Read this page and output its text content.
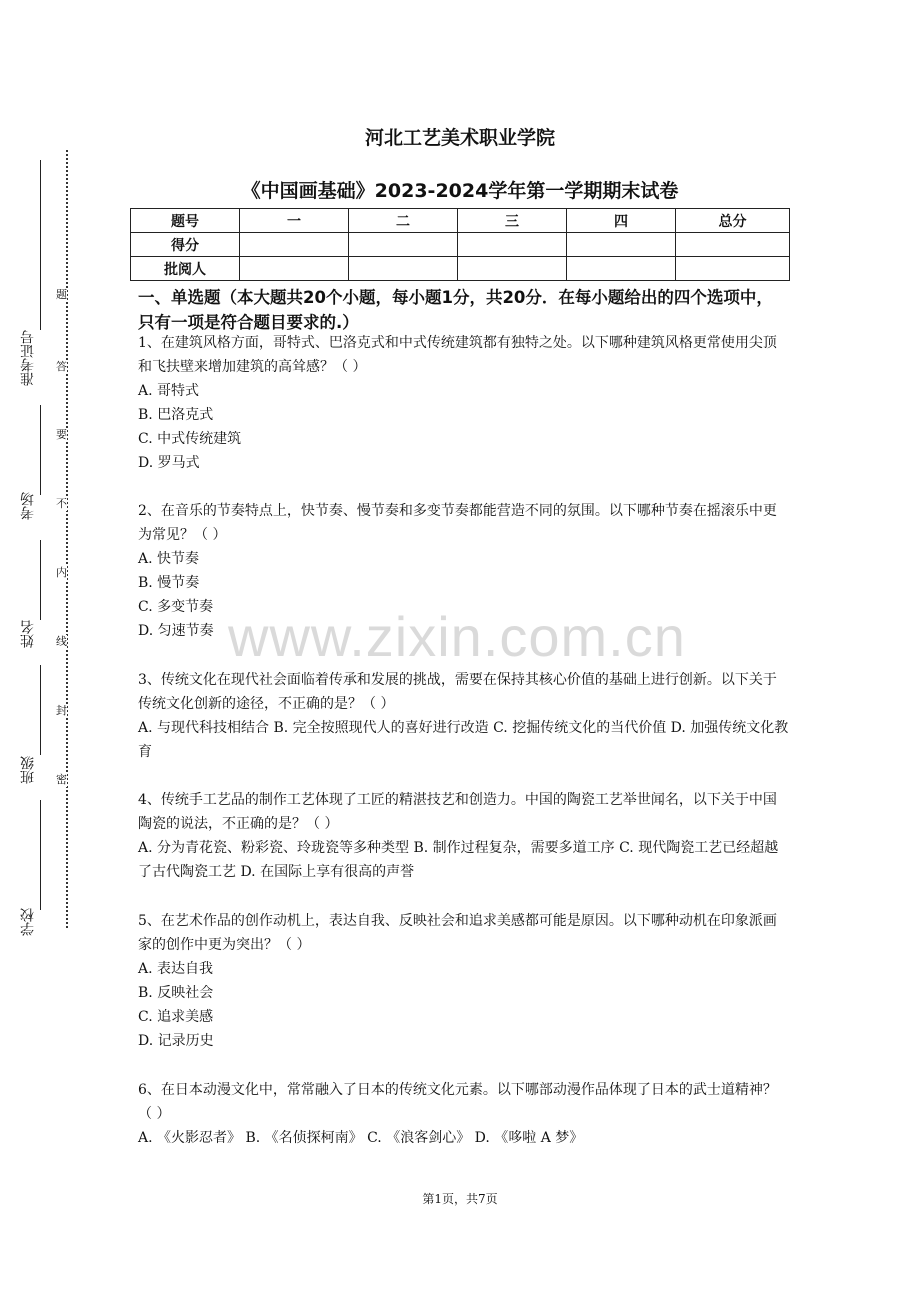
题
答
要
不
内
线
封
密
准考证号
考场
姓名
班级
学校
河北工艺美术职业学院
《中国画基础》2023-2024学年第一学期期末试卷
题号	一	二	三	四	总分
得分					
批阅人					
一、单选题（本大题共20个小题，每小题1分，共20分．在每小题给出的四个选项中，只有一项是符合题目要求的.）

1、在建筑风格方面，哥特式、巴洛克式和中式传统建筑都有独特之处。以下哪种建筑风格更常使用尖顶和飞扶壁来增加建筑的高耸感？（ ）

A. 哥特式

B. 巴洛克式

C. 中式传统建筑

D. 罗马式

2、在音乐的节奏特点上，快节奏、慢节奏和多变节奏都能营造不同的氛围。以下哪种节奏在摇滚乐中更为常见？（ ）

A. 快节奏

B. 慢节奏

C. 多变节奏

D. 匀速节奏

3、传统文化在现代社会面临着传承和发展的挑战，需要在保持其核心价值的基础上进行创新。以下关于传统文化创新的途径，不正确的是？（ ）

A. 与现代科技相结合 B. 完全按照现代人的喜好进行改造 C. 挖掘传统文化的当代价值 D. 加强传统文化教育

4、传统手工艺品的制作工艺体现了工匠的精湛技艺和创造力。中国的陶瓷工艺举世闻名，以下关于中国陶瓷的说法，不正确的是？（ ）

A. 分为青花瓷、粉彩瓷、玲珑瓷等多种类型 B. 制作过程复杂，需要多道工序 C. 现代陶瓷工艺已经超越了古代陶瓷工艺 D. 在国际上享有很高的声誉

5、在艺术作品的创作动机上，表达自我、反映社会和追求美感都可能是原因。以下哪种动机在印象派画家的创作中更为突出？（ ）

A. 表达自我

B. 反映社会

C. 追求美感

D. 记录历史

6、在日本动漫文化中，常常融入了日本的传统文化元素。以下哪部动漫作品体现了日本的武士道精神？（ ）

A. 《火影忍者》 B. 《名侦探柯南》 C. 《浪客剑心》 D. 《哆啦 A 梦》

www.zixin.com.cn
第1页，共7页
